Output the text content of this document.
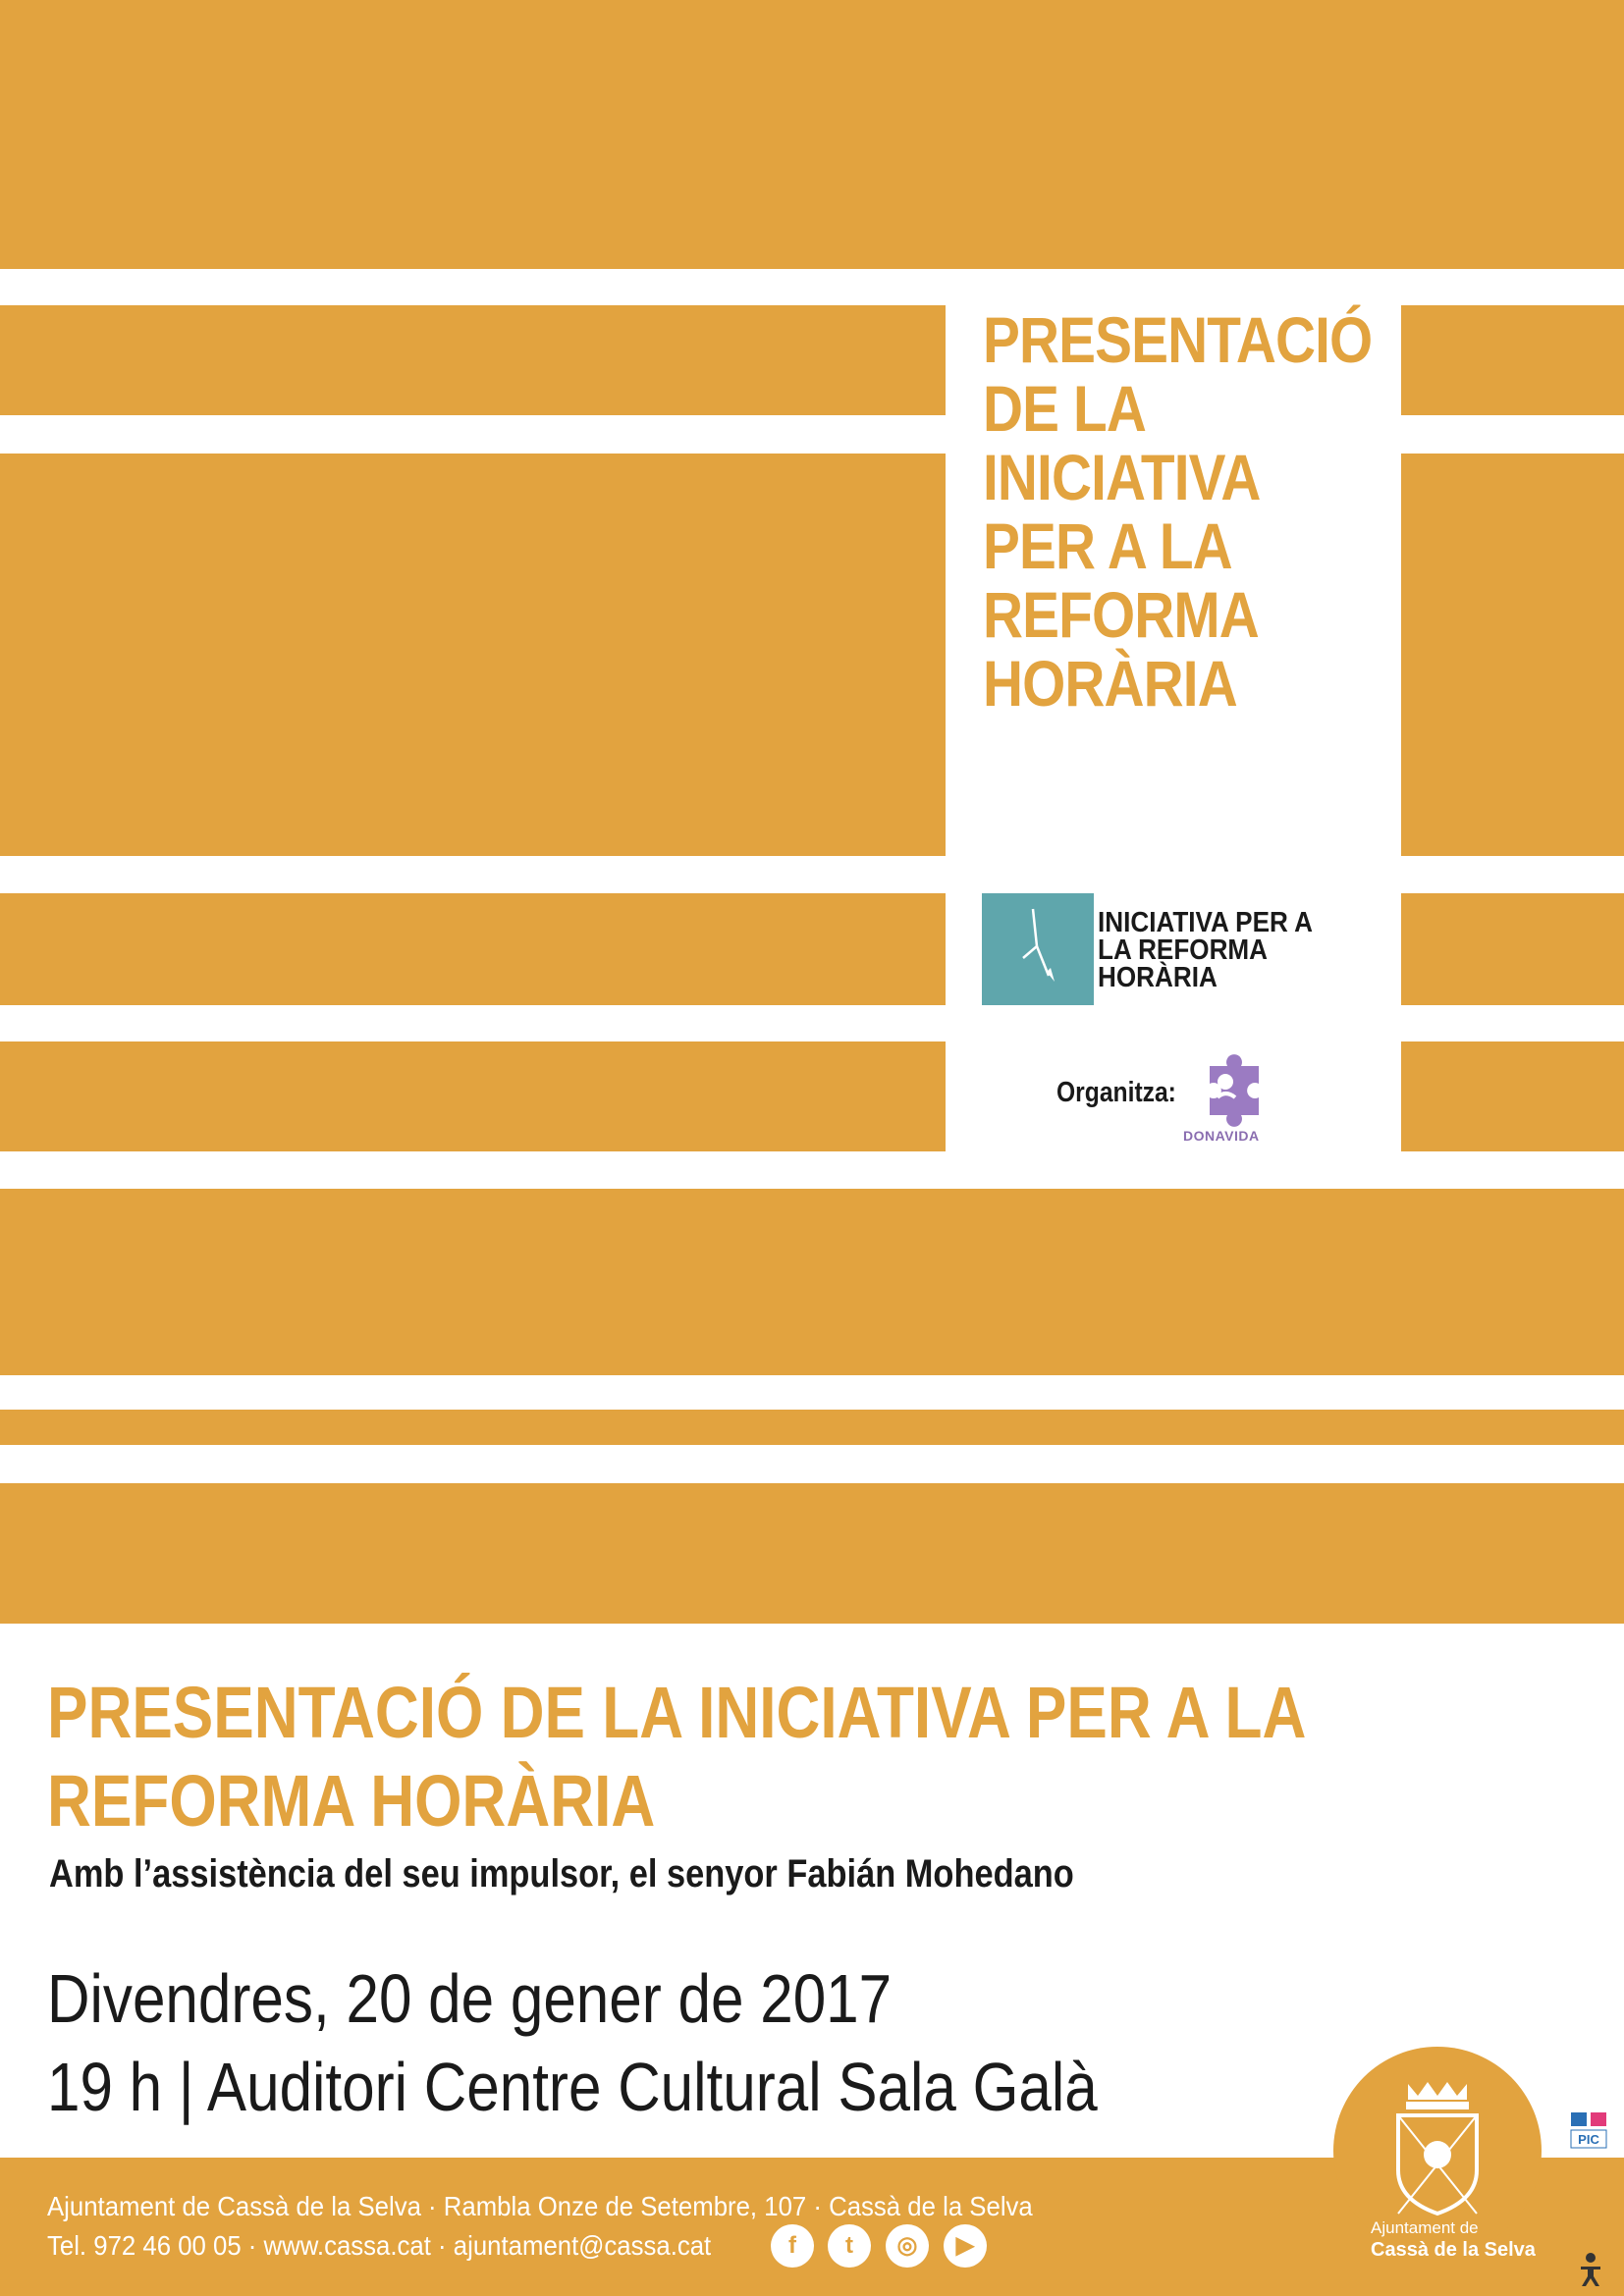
PRESENTACIÓ
DE LA
INICIATIVA
PER A LA
REFORMA
HORÀRIA
INICIATIVA PER A
LA REFORMA
HORÀRIA
Organitza:
DONAVIDA
PRESENTACIÓ DE LA INICIATIVA PER A LA
REFORMA HORÀRIA
Amb l’assistència del seu impulsor, el senyor Fabián Mohedano
Divendres, 20 de gener de 2017
19 h | Auditori Centre Cultural Sala Galà
Ajuntament de Cassà de la Selva · Rambla Onze de Setembre, 107 · Cassà de la Selva
Tel. 972 46 00 05 · www.cassa.cat · ajuntament@cassa.cat	f	t	◎	▶
Ajuntament de
Cassà de la Selva
PIC
